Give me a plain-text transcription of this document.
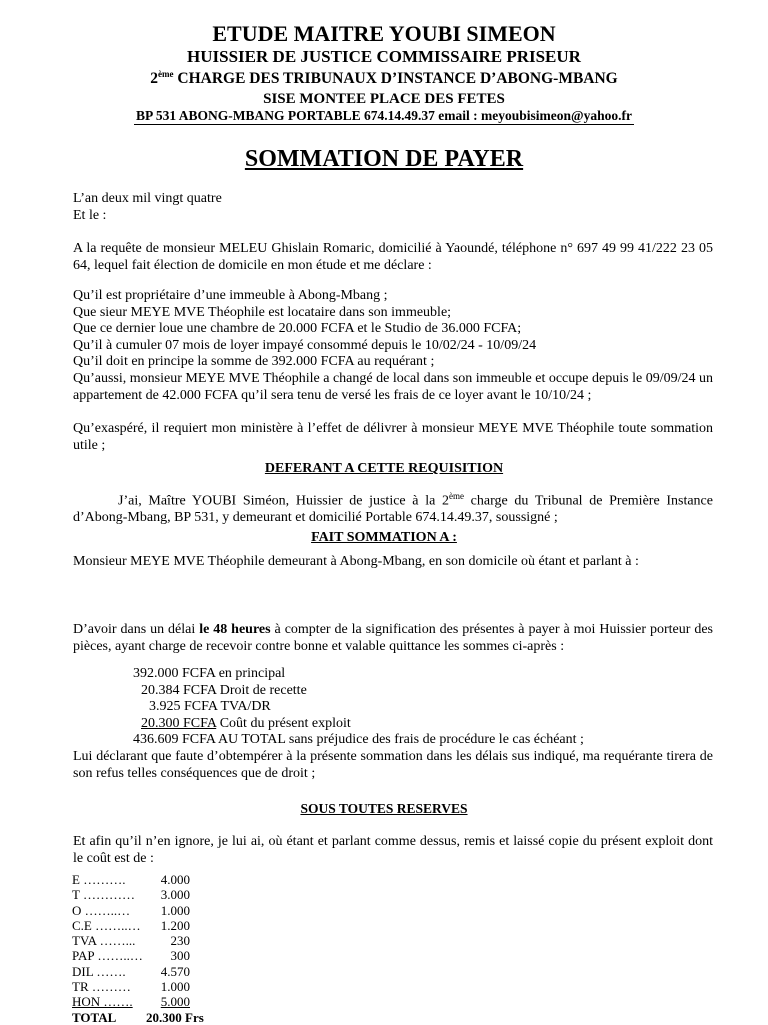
ETUDE MAITRE YOUBI SIMEON
HUISSIER DE JUSTICE COMMISSAIRE PRISEUR
2ème CHARGE DES TRIBUNAUX D’INSTANCE D’ABONG-MBANG
SISE MONTEE PLACE DES FETES
BP 531 ABONG-MBANG PORTABLE 674.14.49.37 email : meyoubisimeon@yahoo.fr
SOMMATION DE PAYER
L’an deux mil vingt quatre
Et le :
A la requête de monsieur MELEU Ghislain Romaric, domicilié à Yaoundé, téléphone n° 697 49 99 41/222 23 05 64, lequel fait élection de domicile en mon étude et me déclare :
Qu’il est propriétaire d’une immeuble à Abong-Mbang ;
Que sieur MEYE MVE Théophile est locataire dans son immeuble;
Que ce dernier loue une chambre de 20.000 FCFA et le Studio de 36.000 FCFA;
Qu’il à cumuler 07 mois de loyer impayé consommé depuis le 10/02/24 - 10/09/24
Qu’il doit en principe la somme de 392.000 FCFA au requérant ;
Qu’aussi, monsieur MEYE MVE Théophile a changé de local dans son immeuble et occupe depuis le 09/09/24 un appartement de 42.000 FCFA qu’il sera tenu de versé les frais de ce loyer avant le 10/10/24 ;
Qu’exaspéré, il requiert mon ministère à l’effet de délivrer à monsieur MEYE MVE Théophile toute sommation utile ;
DEFERANT A CETTE REQUISITION
J’ai, Maître YOUBI Siméon, Huissier de justice à la 2ème charge du Tribunal de Première Instance d’Abong-Mbang, BP 531, y demeurant et domicilié Portable 674.14.49.37, soussigné ;
FAIT SOMMATION A :
Monsieur MEYE MVE Théophile demeurant à Abong-Mbang, en son domicile où étant et parlant à :
D’avoir dans un délai le 48 heures à compter de la signification des présentes à payer à moi Huissier porteur des pièces, ayant charge de recevoir contre bonne et valable quittance les sommes ci-après :
392.000 FCFA en principal
20.384 FCFA Droit de recette
3.925 FCFA TVA/DR
20.300 FCFA Coût du présent exploit
436.609 FCFA AU TOTAL sans préjudice des frais de procédure le cas échéant ;
Lui déclarant que faute d’obtempérer à la présente sommation dans les délais sus indiqué, ma requérante tirera de son refus telles conséquences que de droit ;
SOUS TOUTES RESERVES
Et afin qu’il n’en ignore, je lui ai, où étant et parlant comme dessus, remis et laissé copie du présent exploit dont le coût est de :
E ……….	4.000
T …………	3.000
O ……..…	1.000
C.E ……..…	1.200
TVA ……...	230
PAP ……..…	300
DIL …….	4.570
TR ………	1.000
HON …….	5.000
TOTAL	20.300 Frs
